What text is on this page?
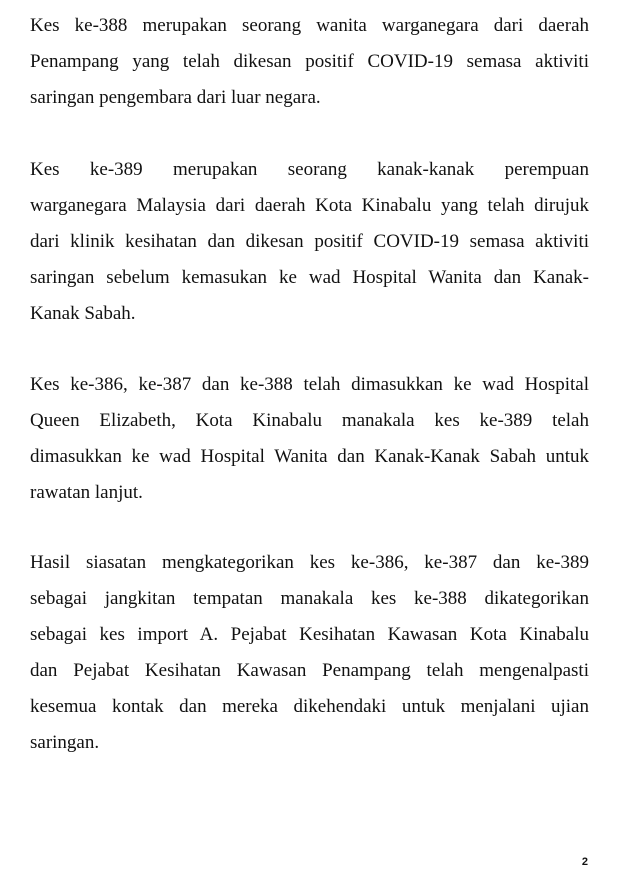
Kes ke-388 merupakan seorang wanita warganegara dari daerah
Penampang yang telah dikesan positif COVID-19 semasa aktiviti
saringan pengembara dari luar negara.

Kes ke-389 merupakan seorang kanak-kanak perempuan
warganegara Malaysia dari daerah Kota Kinabalu yang telah dirujuk
dari klinik kesihatan dan dikesan positif COVID-19 semasa aktiviti
saringan sebelum kemasukan ke wad Hospital Wanita dan Kanak-
Kanak Sabah.

Kes ke-386, ke-387 dan ke-388 telah dimasukkan ke wad Hospital
Queen Elizabeth, Kota Kinabalu manakala kes ke-389 telah
dimasukkan ke wad Hospital Wanita dan Kanak-Kanak Sabah untuk
rawatan lanjut.

Hasil siasatan mengkategorikan kes ke-386, ke-387 dan ke-389
sebagai jangkitan tempatan manakala kes ke-388 dikategorikan
sebagai kes import A. Pejabat Kesihatan Kawasan Kota Kinabalu
dan Pejabat Kesihatan Kawasan Penampang telah mengenalpasti
kesemua kontak dan mereka dikehendaki untuk menjalani ujian
saringan.

2
